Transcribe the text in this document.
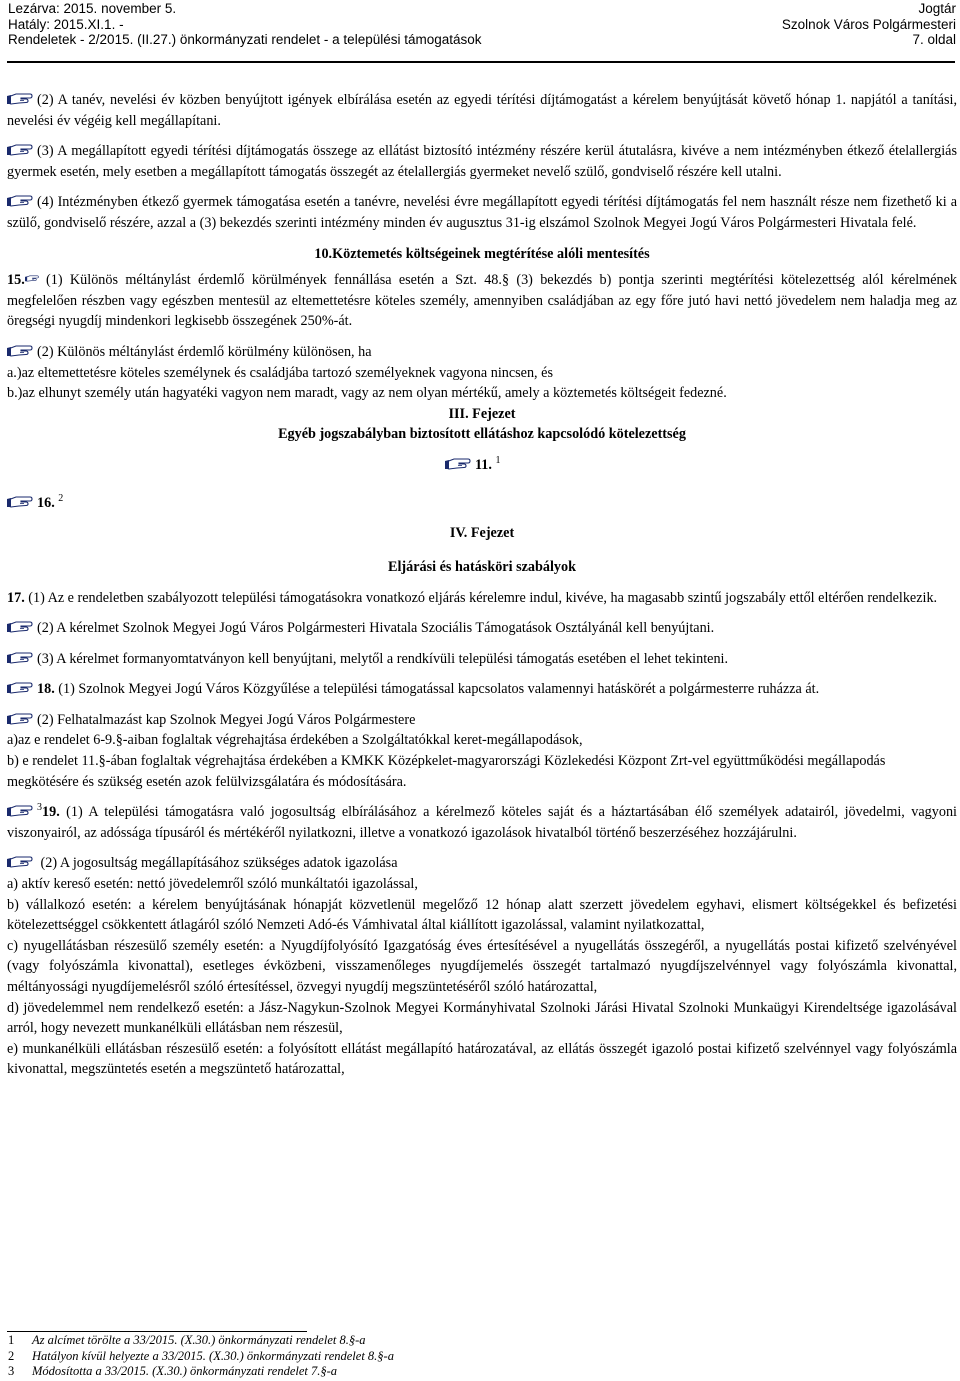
Lezárva: 2015. november 5.
Hatály: 2015.XI.1. -
Rendeletek - 2/2015. (II.27.) önkormányzati rendelet - a települési támogatások
Jogtár
Szolnok Város Polgármesteri
7. oldal

(2) A tanév, nevelési év közben benyújtott igények elbírálása esetén az egyedi térítési díjtámogatást a kérelem benyújtását követő hónap 1. napjától a tanítási, nevelési év végéig kell megállapítani.

(3) A megállapított egyedi térítési díjtámogatás összege az ellátást biztosító intézmény részére kerül átutalásra, kivéve a nem intézményben étkező ételallergiás gyermek esetén, mely esetben a megállapított támogatás összegét az ételallergiás gyermeket nevelő szülő, gondviselő részére kell utalni.

(4) Intézményben étkező gyermek támogatása esetén a tanévre, nevelési évre megállapított egyedi térítési díjtámogatás fel nem használt része nem fizethető ki a szülő, gondviselő részére, azzal a (3) bekezdés szerinti intézmény minden év augusztus 31-ig elszámol Szolnok Megyei Jogú Város Polgármesteri Hivatala felé.

10.Köztemetés költségeinek megtérítése alóli mentesítés

15.
(1) Különös méltánylást érdemlő körülmények fennállása esetén a Szt. 48.§ (3) bekezdés b) pontja szerinti megtérítési kötelezettség alól kérelmének megfelelően részben vagy egészben mentesül az eltemettetésre köteles személy, amennyiben családjában az egy főre jutó havi nettó jövedelem nem haladja meg az öregségi nyugdíj mindenkori legkisebb összegének 250%-át.

(2) Különös méltánylást érdemlő körülmény különösen, ha

a.)az eltemettetésre köteles személynek és családjába tartozó személyeknek vagyona nincsen, és

b.)az elhunyt személy után hagyatéki vagyon nem maradt, vagy az nem olyan mértékű, amely a köztemetés költségeit fedezné.

III. Fejezet

Egyéb jogszabályban biztosított ellátáshoz kapcsolódó kötelezettség

11. $^1$
16. $^2$
IV. Fejezet

Eljárási és hatásköri szabályok

17. (1) Az e rendeletben szabályozott települési támogatásokra vonatkozó eljárás kérelemre indul, kivéve, ha magasabb szintű jogszabály ettől eltérően rendelkezik.

(2) A kérelmet Szolnok Megyei Jogú Város Polgármesteri Hivatala Szociális Támogatások Osztályánál kell benyújtani.

(3) A kérelmet formanyomtatványon kell benyújtani, melytől a rendkívüli települési támogatás esetében el lehet tekinteni.

18. (1) Szolnok Megyei Jogú Város Közgyűlése a települési támogatással kapcsolatos valamennyi hatáskörét a polgármesterre ruházza át.

(2) Felhatalmazást kap Szolnok Megyei Jogú Város Polgármestere

a)az e rendelet 6-9.§-aiban foglaltak végrehajtása érdekében a Szolgáltatókkal keret-megállapodások,

b) e rendelet 11.§-ában foglaltak végrehajtása érdekében a KMKK Középkelet-magyarországi Közlekedési Központ Zrt-vel együttműködési megállapodás

megkötésére és szükség esetén azok felülvizsgálatára és módosítására.

$^3$19. (1) A települési támogatásra való jogosultság elbírálásához a kérelmező köteles saját és a háztartásában élő személyek adatairól, jövedelmi, vagyoni viszonyairól, az adóssága típusáról és mértékéről nyilatkozni, illetve a vonatkozó igazolások hivatalból történő beszerzéséhez hozzájárulni.

(2) A jogosultság megállapításához szükséges adatok igazolása

a) aktív kereső esetén: nettó jövedelemről szóló munkáltatói igazolással,

b) vállalkozó esetén: a kérelem benyújtásának hónapját közvetlenül megelőző 12 hónap alatt szerzett jövedelem egyhavi, elismert költségekkel és befizetési kötelezettséggel csökkentett átlagáról szóló Nemzeti Adó-és Vámhivatal által kiállított igazolással, valamint nyilatkozattal,

c) nyugellátásban részesülő személy esetén: a Nyugdíjfolyósító Igazgatóság éves értesítésével a nyugellátás összegéről, a nyugellátás postai kifizető szelvényével (vagy folyószámla kivonattal), esetleges évközbeni, visszamenőleges nyugdíjemelés összegét tartalmazó nyugdíjszelvénnyel vagy folyószámla kivonattal, méltányossági nyugdíjemelésről szóló értesítéssel, özvegyi nyugdíj megszüntetéséről szóló határozattal,

d) jövedelemmel nem rendelkező esetén: a Jász-Nagykun-Szolnok Megyei Kormányhivatal Szolnoki Járási Hivatal Szolnoki Munkaügyi Kirendeltsége igazolásával arról, hogy nevezett munkanélküli ellátásban nem részesül,

e) munkanélküli ellátásban részesülő esetén: a folyósított ellátást megállapító határozatával, az ellátás összegét igazoló postai kifizető szelvénnyel vagy folyószámla kivonattal, megszüntetés esetén a megszüntető határozattal,

1 Az alcímet törölte a 33/2015. (X.30.) önkormányzati rendelet 8.§-a
2 Hatályon kívül helyezte a 33/2015. (X.30.) önkormányzati rendelet 8.§-a
3 Módosította a 33/2015. (X.30.) önkormányzati rendelet 7.§-a
